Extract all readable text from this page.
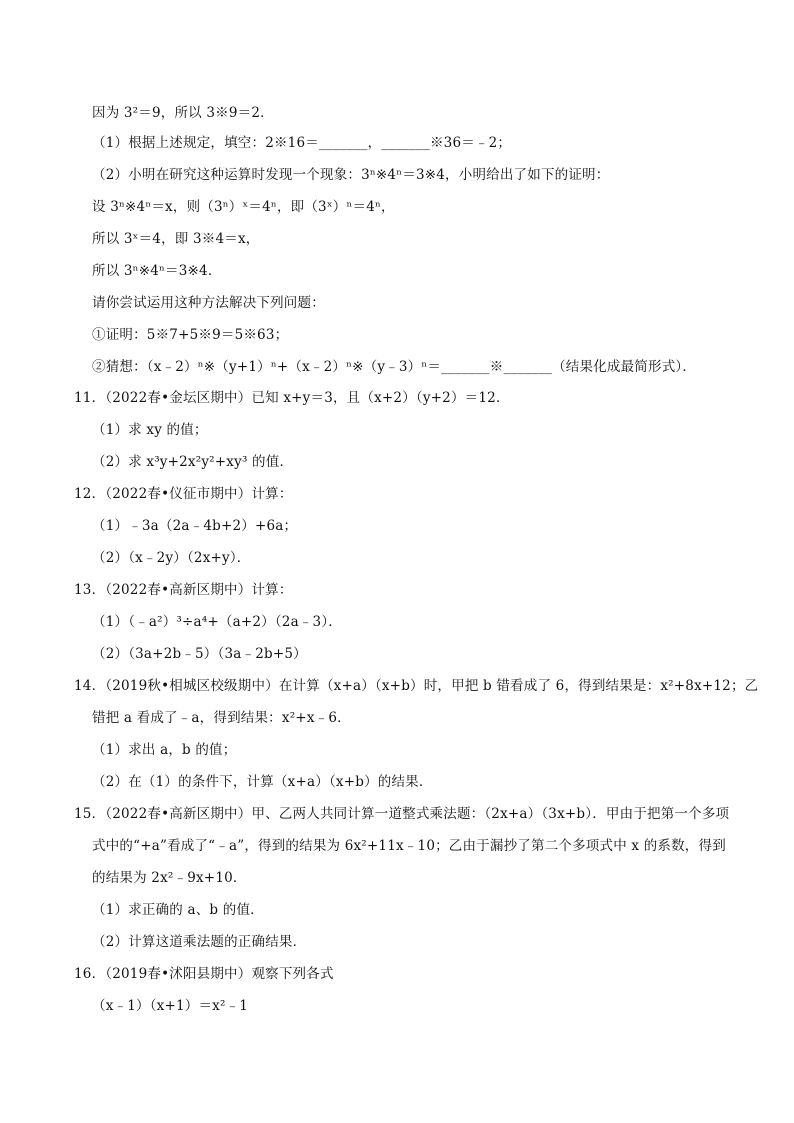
因为 3²＝9，所以 3※9＝2．
（1）根据上述规定，填空：2※16＝_______，_______※36＝﹣2；
（2）小明在研究这种运算时发现一个现象：3ⁿ※4ⁿ＝3※4，小明给出了如下的证明：
设 3ⁿ※4ⁿ＝x，则（3ⁿ）ˣ＝4ⁿ，即（3ˣ）ⁿ＝4ⁿ，
所以 3ˣ＝4，即 3※4＝x，
所以 3ⁿ※4ⁿ＝3※4．
请你尝试运用这种方法解决下列问题：
①证明：5※7+5※9＝5※63；
②猜想：（x﹣2）ⁿ※（y+1）ⁿ+（x﹣2）ⁿ※（y﹣3）ⁿ＝_______※_______（结果化成最简形式）．
11．（2022春•金坛区期中）已知 x+y＝3，且（x+2）（y+2）＝12．
（1）求 xy 的值；
（2）求 x³y+2x²y²+xy³ 的值．
12．（2022春•仪征市期中）计算：
（1）﹣3a（2a﹣4b+2）+6a；
（2）（x﹣2y）（2x+y）．
13．（2022春•高新区期中）计算：
（1）（﹣a²）³÷a⁴+（a+2）（2a﹣3）．
（2）（3a+2b﹣5）（3a﹣2b+5）
14．（2019秋•相城区校级期中）在计算（x+a）（x+b）时，甲把 b 错看成了 6，得到结果是：x²+8x+12；乙
错把 a 看成了﹣a，得到结果：x²+x﹣6．
（1）求出 a，b 的值；
（2）在（1）的条件下，计算（x+a）（x+b）的结果．
15．（2022春•高新区期中）甲、乙两人共同计算一道整式乘法题：（2x+a）（3x+b）．甲由于把第一个多项
式中的“+a”看成了“﹣a”，得到的结果为 6x²+11x﹣10；乙由于漏抄了第二个多项式中 x 的系数，得到
的结果为 2x²﹣9x+10．
（1）求正确的 a、b 的值．
（2）计算这道乘法题的正确结果．
16．（2019春•沭阳县期中）观察下列各式
（x﹣1）（x+1）＝x²﹣1
